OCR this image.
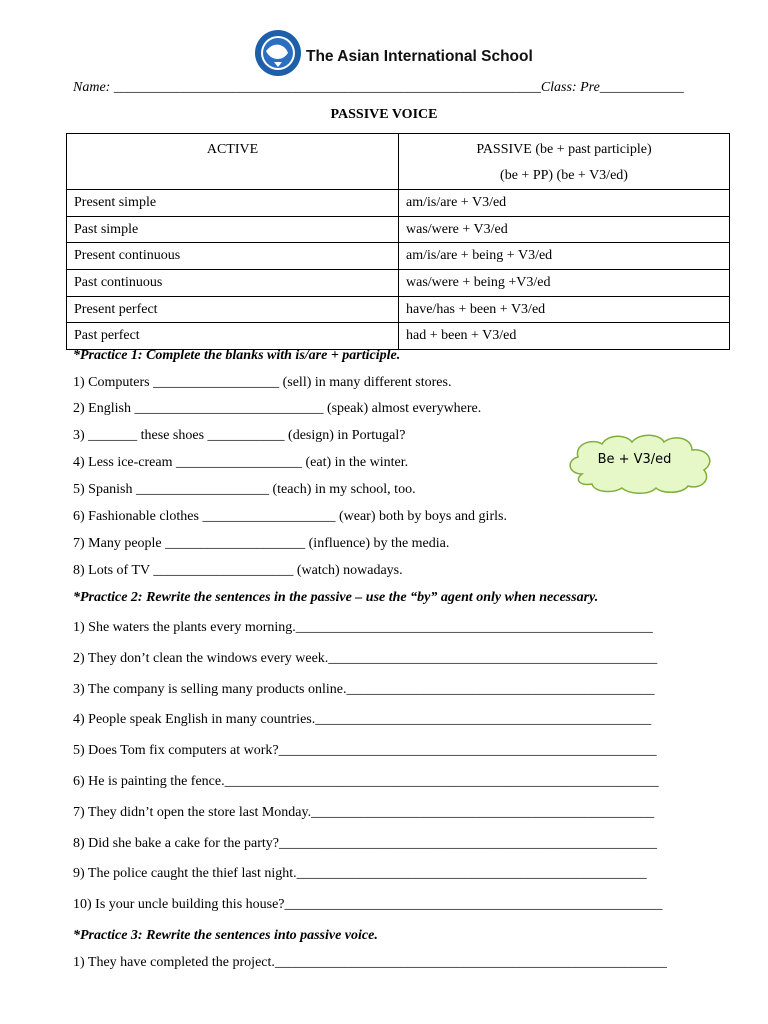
The Asian International School
Name: _____________________________________________________________Class: Pre____________
PASSIVE VOICE
ACTIVE	PASSIVE (be + past participle)
(be + PP) (be + V3/ed)
Present simple	am/is/are + V3/ed
Past simple	was/were + V3/ed
Present continuous	am/is/are + being + V3/ed
Past continuous	was/were + being +V3/ed
Present perfect	have/has + been + V3/ed
Past perfect	had + been + V3/ed
*Practice 1: Complete the blanks with is/are + participle.
1) Computers __________________ (sell) in many different stores.
2) English ___________________________ (speak) almost everywhere.
3) _______ these shoes ___________ (design) in Portugal?
4) Less ice-cream __________________ (eat) in the winter.
5) Spanish ___________________ (teach) in my school, too.
6) Fashionable clothes ___________________ (wear) both by boys and girls.
7) Many people ____________________ (influence) by the media.
8) Lots of TV ____________________ (watch) nowadays.
Be + V3/ed
*Practice 2: Rewrite the sentences in the passive – use the “by” agent only when necessary.
1) She waters the plants every morning.___________________________________________________
2) They don’t clean the windows every week._______________________________________________
3) The company is selling many products online.____________________________________________
4) People speak English in many countries.________________________________________________
5) Does Tom fix computers at work?______________________________________________________
6) He is painting the fence.______________________________________________________________
7) They didn’t open the store last Monday._________________________________________________
8) Did she bake a cake for the party?______________________________________________________
9) The police caught the thief last night.__________________________________________________
10) Is your uncle building this house?______________________________________________________
*Practice 3: Rewrite the sentences into passive voice.
1) They have completed the project.________________________________________________________
